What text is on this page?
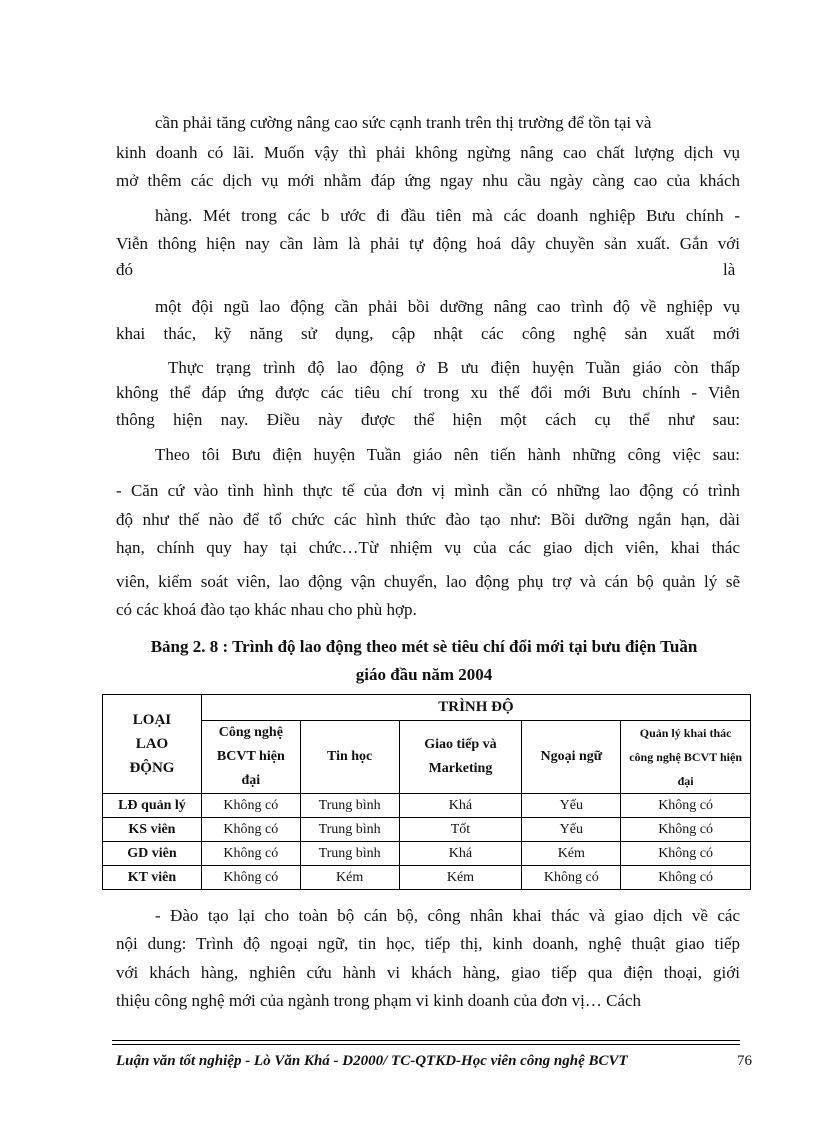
cần phải tăng cường nâng cao sức cạnh tranh trên thị trường để tồn tại và
kinh doanh có lãi. Muốn vậy thì phải không ngừng nâng cao chất lượng dịch vụ
mở thêm các dịch vụ mới nhằm đáp ứng ngay nhu cầu ngày càng cao của khách
hàng. Mét trong các b ước đi đầu tiên mà các doanh nghiệp Bưu chính -
Viễn thông hiện nay cần làm là phải tự động hoá dây chuyền sản xuất. Gắn với
đó	là
một đội ngũ lao động cần phải bồi dưỡng nâng cao trình độ về nghiệp vụ
khai thác, kỹ năng sử dụng, cập nhật các công nghệ sản xuất mới
Thực trạng trình độ lao động ở B ưu điện huyện Tuần giáo còn thấp
không thể đáp ứng được các tiêu chí trong xu thế đổi mới Bưu chính - Viễn
thông hiện nay. Điều này được thể hiện một cách cụ thể như sau:
Theo tôi Bưu điện huyện Tuần giáo nên tiến hành những công việc sau:
- Căn cứ vào tình hình thực tế của đơn vị mình cần có những lao động có trình
độ như thế nào để tổ chức các hình thức đào tạo như: Bồi dưỡng ngắn hạn, dài
hạn, chính quy hay tại chức…Từ nhiệm vụ của các giao dịch viên, khai thác
viên, kiểm soát viên, lao động vận chuyển, lao động phụ trợ và cán bộ quản lý sẽ
có các khoá đào tạo khác nhau cho phù hợp.
Bảng 2. 8 : Trình độ lao động theo mét sè tiêu chí đổi mới tại bưu điện Tuần
giáo đầu năm 2004
LOẠI LAO ĐỘNG	TRÌNH ĐỘ				
	Công nghệ BCVT hiện đại	Tin học	Giao tiếp và Marketing	Ngoại ngữ	Quản lý khai thác công nghệ BCVT hiện đại
LĐ quản lý	Không có	Trung bình	Khá	Yếu	Không có
KS viên	Không có	Trung bình	Tốt	Yếu	Không có
GD viên	Không có	Trung bình	Khá	Kém	Không có
KT viên	Không có	Kém	Kém	Không có	Không có
- Đào tạo lại cho toàn bộ cán bộ, công nhân khai thác và giao dịch về các
nội dung: Trình độ ngoại ngữ, tin học, tiếp thị, kinh doanh, nghệ thuật giao tiếp
với khách hàng, nghiên cứu hành vi khách hàng, giao tiếp qua điện thoại, giới
thiệu công nghệ mới của ngành trong phạm vi kinh doanh của đơn vị… Cách
Luận văn tốt nghiệp - Lò Văn Khá - D2000/ TC-QTKD-Học viên công nghệ BCVT	76
